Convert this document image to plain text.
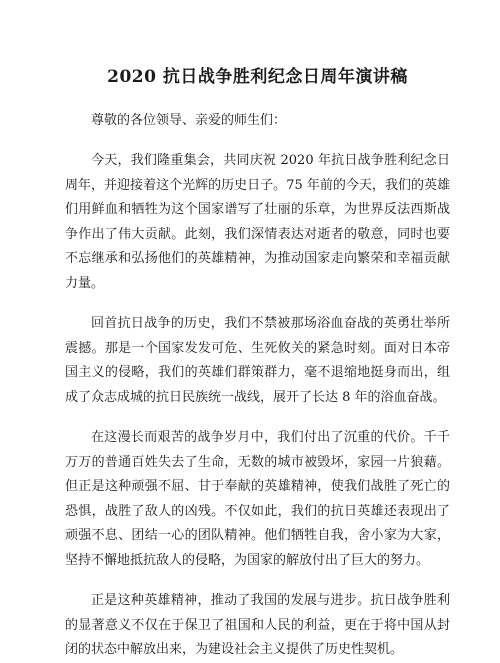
2020 抗日战争胜利纪念日周年演讲稿

尊敬的各位领导、亲爱的师生们：

今天，我们隆重集会，共同庆祝 2020 年抗日战争胜利纪念日周年，并迎接着这个光辉的历史日子。75 年前的今天，我们的英雄们用鲜血和牺牲为这个国家谱写了壮丽的乐章，为世界反法西斯战争作出了伟大贡献。此刻，我们深情表达对逝者的敬意，同时也要不忘继承和弘扬他们的英雄精神，为推动国家走向繁荣和幸福贡献力量。

回首抗日战争的历史，我们不禁被那场浴血奋战的英勇壮举所震撼。那是一个国家发发可危、生死攸关的紧急时刻。面对日本帝国主义的侵略，我们的英雄们群策群力，毫不退缩地挺身而出，组成了众志成城的抗日民族统一战线，展开了长达 8 年的浴血奋战。

在这漫长而艰苦的战争岁月中，我们付出了沉重的代价。千千万万的普通百姓失去了生命，无数的城市被毁坏，家园一片狼藉。但正是这种顽强不屈、甘于奉献的英雄精神，使我们战胜了死亡的恐惧，战胜了敌人的凶残。不仅如此，我们的抗日英雄还表现出了顽强不息、团结一心的团队精神。他们牺牲自我，舍小家为大家，坚持不懈地抵抗敌人的侵略，为国家的解放付出了巨大的努力。

正是这种英雄精神，推动了我国的发展与进步。抗日战争胜利的显著意义不仅在于保卫了祖国和人民的利益，更在于将中国从封闭的状态中解放出来，为建设社会主义提供了历史性契机。
